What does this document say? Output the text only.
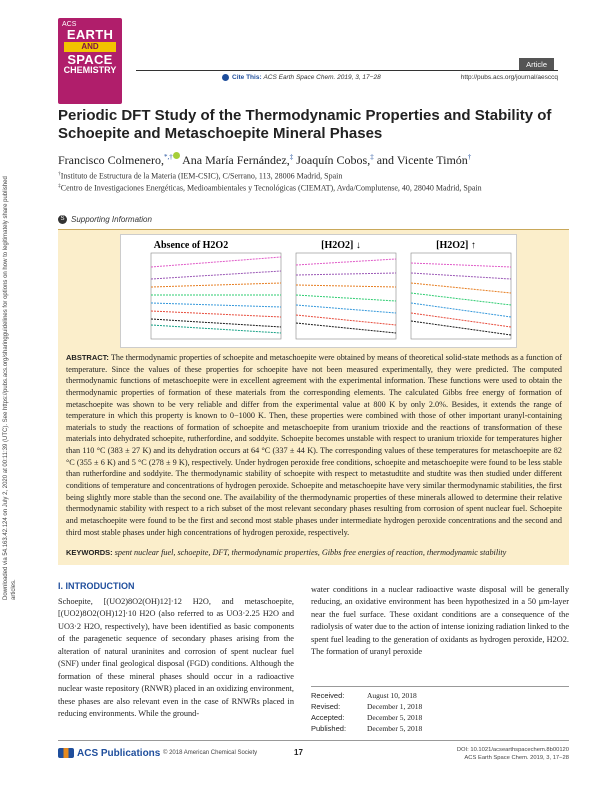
ACS
EARTH
AND
SPACE
CHEMISTRY
Article
Cite This: ACS Earth Space Chem. 2019, 3, 17−28	http://pubs.acs.org/journal/aesccq
Downloaded via 54.163.42.124 on July 2, 2020 at 00:11:39 (UTC). See https://pubs.acs.org/sharingguidelines for options on how to legitimately share published articles.
Periodic DFT Study of the Thermodynamic Properties and Stability of Schoepite and Metaschoepite Mineral Phases
Francisco Colmenero,*,† Ana María Fernández,‡ Joaquín Cobos,‡ and Vicente Timón†
†Instituto de Estructura de la Materia (IEM-CSIC), C/Serrano, 113, 28006 Madrid, Spain
‡Centro de Investigaciones Energéticas, Medioambientales y Tecnológicas (CIEMAT), Avda/Complutense, 40, 28040 Madrid, Spain
S Supporting Information
Absence of H2O2	[H2O2] ↓	[H2O2] ↑
ABSTRACT: The thermodynamic properties of schoepite and metaschoepite were obtained by means of theoretical solid-state methods as a function of temperature. Since the values of these properties for schoepite have not been measured experimentally, they were predicted. The computed thermodynamic functions of metaschoepite were in excellent agreement with the experimental information. These functions were used to obtain the thermodynamic properties of formation of these materials from the corresponding elements. The calculated Gibbs free energy of formation of metaschoepite was shown to be very reliable and differ from the experimental value at 800 K by only 2.0%. Besides, it extends the range of temperature in which this property is known to 0−1000 K. Then, these properties were combined with those of other important uranyl-containing materials to study the reactions of formation of schoepite and metaschoepite from uranium trioxide and the reactions of transformation of these materials into dehydrated schoepite, rutherfordine, and soddyite. Schoepite becomes unstable with respect to uranium trioxide for temperatures higher than 110 °C (383 ± 27 K) and its dehydration occurs at 64 °C (337 ± 44 K). The corresponding values of these temperatures for metaschoepite are 82 °C (355 ± 6 K) and 5 °C (278 ± 9 K), respectively. Under hydrogen peroxide free conditions, schoepite and metaschoepite were found to be less stable than rutherfordine and soddyite. The thermodynamic stability of schoepite with respect to metastudtite and studtite was then studied under different conditions of temperature and concentrations of hydrogen peroxide. Schoepite and metaschoepite have very similar thermodynamic stabilities, the first being slightly more stable than the second one. The availability of the thermodynamic properties of these minerals allowed to determine their relative thermodynamic stability with respect to a rich subset of the most relevant secondary phases resulting from corrosion of spent nuclear fuel. Schoepite and metaschoepite were found to be the first and second most stable phases under intermediate hydrogen peroxide concentrations and the second and third most stable phases under high concentrations of hydrogen peroxide, respectively.
KEYWORDS: spent nuclear fuel, schoepite, DFT, thermodynamic properties, Gibbs free energies of reaction, thermodynamic stability
I. INTRODUCTION
Schoepite, [(UO2)8O2(OH)12]·12 H2O, and metaschoepite, [(UO2)8O2(OH)12]·10 H2O (also referred to as UO3·2.25 H2O and UO3·2 H2O, respectively), have been identified as basic components of the paragenetic sequence of secondary phases arising from the alteration of natural uraninites and corrosion of spent nuclear fuel (SNF) under final geological disposal (FGD) conditions. Although the formation of these mineral phases should occur in a radioactive nuclear waste repository (RNWR) placed in an oxidizing environment, these phases are also relevant even in the case of RNWRs placed in reducing environments. While the ground-
water conditions in a nuclear radioactive waste disposal will be generally reducing, an oxidative environment has been hypothesized in a 50 μm-layer near the fuel surface. These oxidant conditions are a consequence of the radiolysis of water due to the action of intense ionizing radiation linked to the spent fuel leading to the generation of oxidants as hydrogen peroxide, H2O2. The formation of uranyl peroxide
Received:	August 10, 2018
Revised:	December 1, 2018
Accepted:	December 5, 2018
Published:	December 5, 2018
ACS Publications © 2018 American Chemical Society	17	DOI: 10.1021/acsearthspacechem.8b00120
ACS Earth Space Chem. 2019, 3, 17−28
